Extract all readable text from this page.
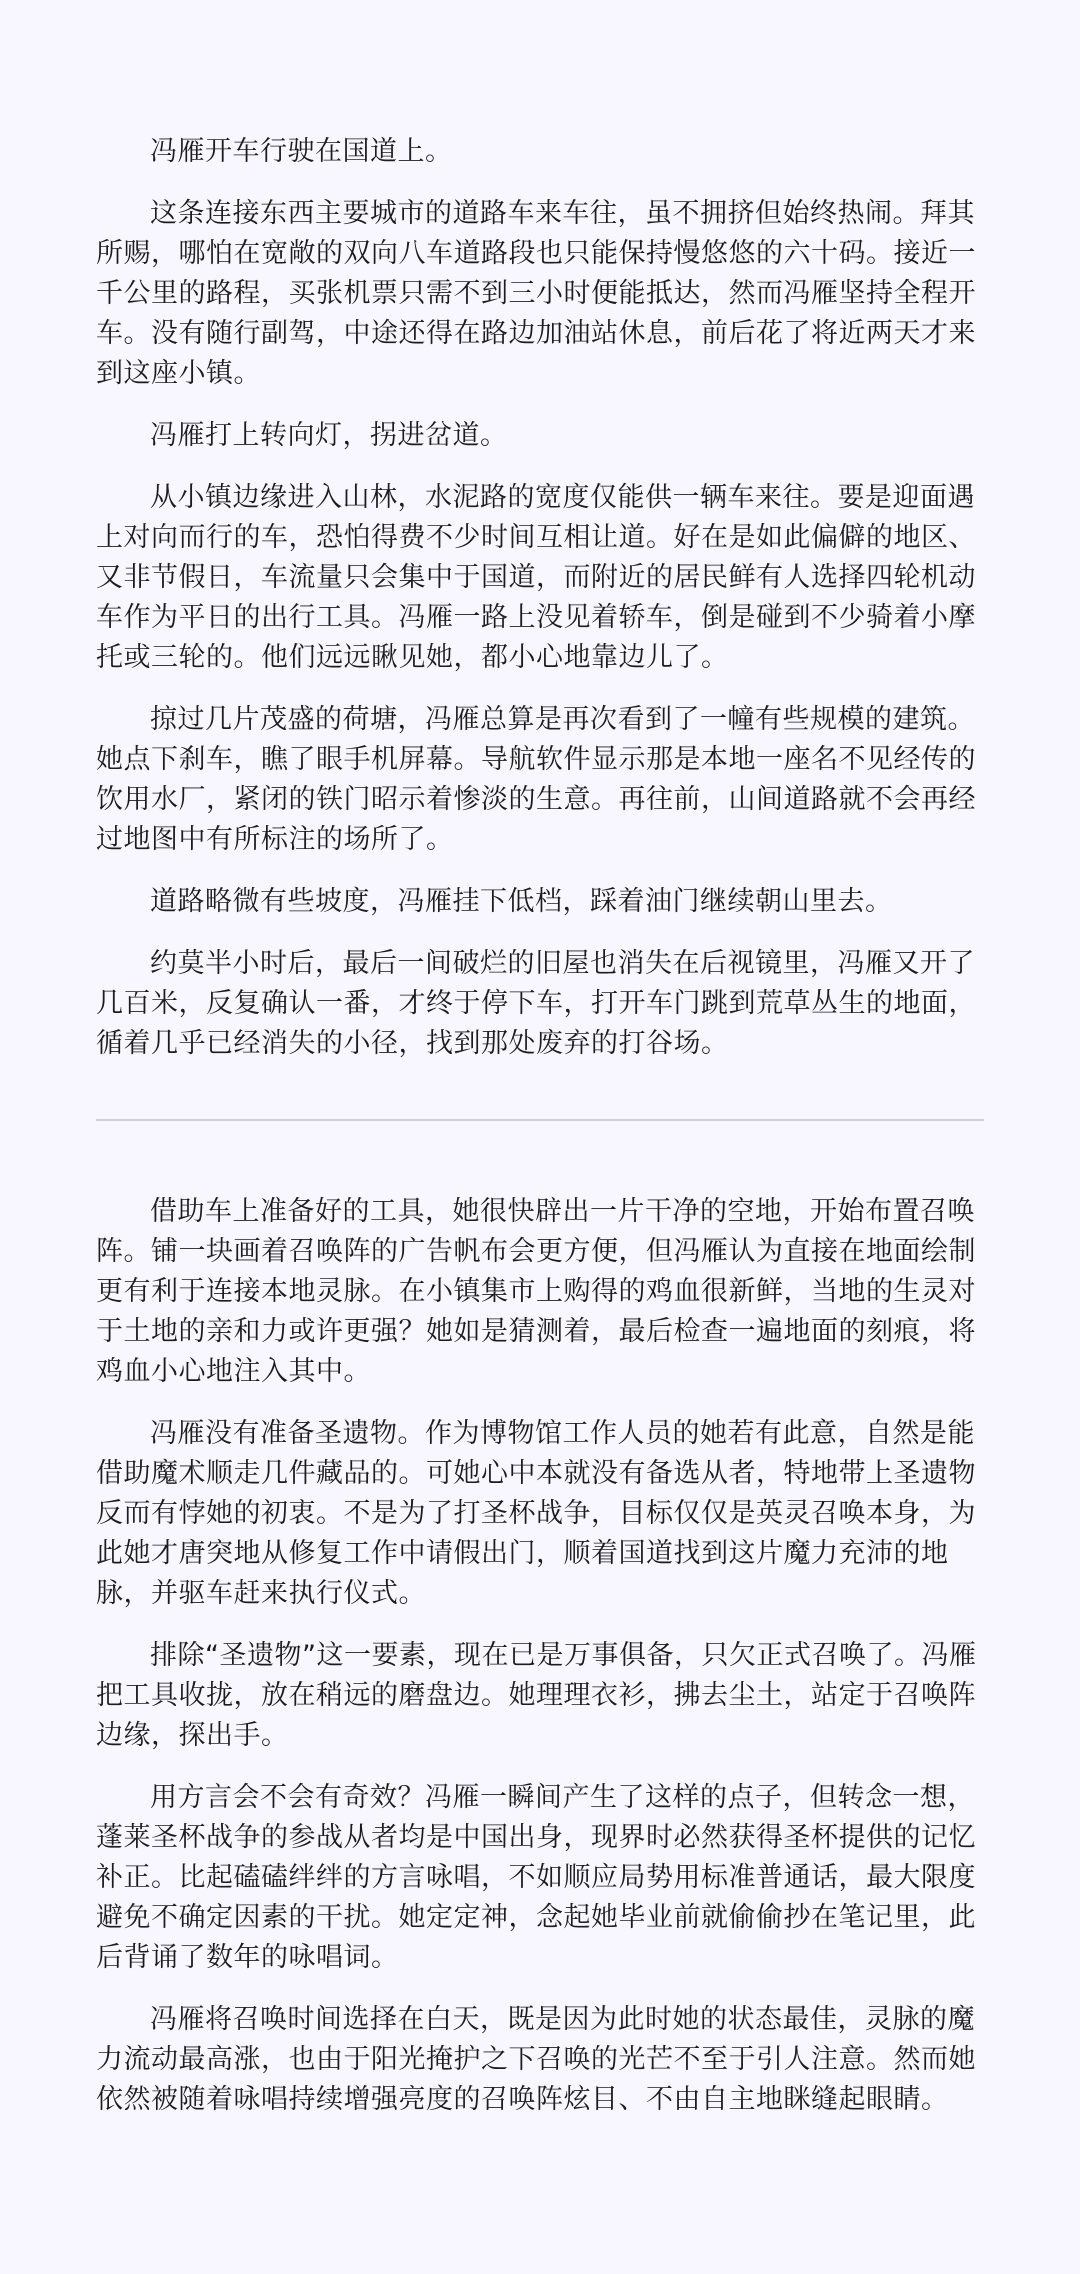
冯雁开车行驶在国道上。

这条连接东西主要城市的道路车来车往，虽不拥挤但始终热闹。拜其所赐，哪怕在宽敞的双向八车道路段也只能保持慢悠悠的六十码。接近一千公里的路程，买张机票只需不到三小时便能抵达，然而冯雁坚持全程开车。没有随行副驾，中途还得在路边加油站休息，前后花了将近两天才来到这座小镇。

冯雁打上转向灯，拐进岔道。

从小镇边缘进入山林，水泥路的宽度仅能供一辆车来往。要是迎面遇上对向而行的车，恐怕得费不少时间互相让道。好在是如此偏僻的地区、又非节假日，车流量只会集中于国道，而附近的居民鲜有人选择四轮机动车作为平日的出行工具。冯雁一路上没见着轿车，倒是碰到不少骑着小摩托或三轮的。他们远远瞅见她，都小心地靠边儿了。

掠过几片茂盛的荷塘，冯雁总算是再次看到了一幢有些规模的建筑。她点下刹车，瞧了眼手机屏幕。导航软件显示那是本地一座名不见经传的饮用水厂，紧闭的铁门昭示着惨淡的生意。再往前，山间道路就不会再经过地图中有所标注的场所了。

道路略微有些坡度，冯雁挂下低档，踩着油门继续朝山里去。

约莫半小时后，最后一间破烂的旧屋也消失在后视镜里，冯雁又开了几百米，反复确认一番，才终于停下车，打开车门跳到荒草丛生的地面，循着几乎已经消失的小径，找到那处废弃的打谷场。

借助车上准备好的工具，她很快辟出一片干净的空地，开始布置召唤阵。铺一块画着召唤阵的广告帆布会更方便，但冯雁认为直接在地面绘制更有利于连接本地灵脉。在小镇集市上购得的鸡血很新鲜，当地的生灵对于土地的亲和力或许更强？她如是猜测着，最后检查一遍地面的刻痕，将鸡血小心地注入其中。

冯雁没有准备圣遗物。作为博物馆工作人员的她若有此意，自然是能借助魔术顺走几件藏品的。可她心中本就没有备选从者，特地带上圣遗物反而有悖她的初衷。不是为了打圣杯战争，目标仅仅是英灵召唤本身，为此她才唐突地从修复工作中请假出门，顺着国道找到这片魔力充沛的地脉，并驱车赶来执行仪式。

排除“圣遗物”这一要素，现在已是万事俱备，只欠正式召唤了。冯雁把工具收拢，放在稍远的磨盘边。她理理衣衫，拂去尘土，站定于召唤阵边缘，探出手。

用方言会不会有奇效？冯雁一瞬间产生了这样的点子，但转念一想，蓬莱圣杯战争的参战从者均是中国出身，现界时必然获得圣杯提供的记忆补正。比起磕磕绊绊的方言咏唱，不如顺应局势用标准普通话，最大限度避免不确定因素的干扰。她定定神，念起她毕业前就偷偷抄在笔记里，此后背诵了数年的咏唱词。

冯雁将召唤时间选择在白天，既是因为此时她的状态最佳，灵脉的魔力流动最高涨，也由于阳光掩护之下召唤的光芒不至于引人注意。然而她依然被随着咏唱持续增强亮度的召唤阵炫目、不由自主地眯缝起眼睛。
